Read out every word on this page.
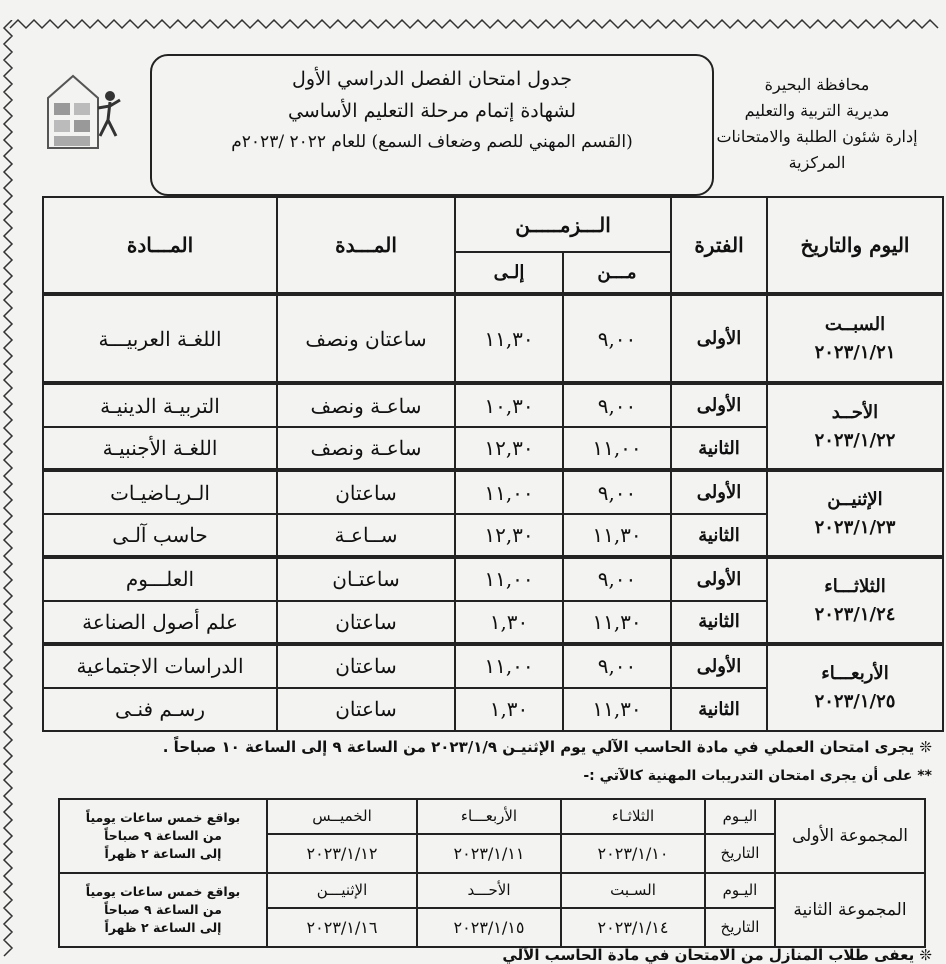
محافظة البحيرة
مديرية التربية والتعليم
إدارة شئون الطلبة والامتحانات
المركزية
جدول امتحان الفصل الدراسي الأول
لشهادة إتمام مرحلة التعليم الأساسي
(القسم المهني للصم وضعاف السمع) للعام ٢٠٢٢ /٢٠٢٣م
اليوم والتاريخ	الفترة	الـــزمـــــن		المـــدة	المـــادة
		مـــن	إلـى		

السبــت
٢٠٢٣/١/٢١	الأولى	٩,٠٠	١١,٣٠	ساعتان ونصف	اللغـة العربيـــة

الأحــد
٢٠٢٣/١/٢٢	الأولى	٩,٠٠	١٠,٣٠	ساعـة ونصف	التربيـة الدينيـة
	الثانية	١١,٠٠	١٢,٣٠	ساعـة ونصف	اللغـة الأجنبيـة

الإثنيــن
٢٠٢٣/١/٢٣	الأولى	٩,٠٠	١١,٠٠	ساعتان	الـريـاضيـات
	الثانية	١١,٣٠	١٢,٣٠	ســاعـة	حاسب آلـى

الثلاثـــاء
٢٠٢٣/١/٢٤	الأولى	٩,٠٠	١١,٠٠	ساعتـان	العلـــوم
	الثانية	١١,٣٠	١,٣٠	ساعتان	علم أصول الصناعة

الأربعـــاء
٢٠٢٣/١/٢٥	الأولى	٩,٠٠	١١,٠٠	ساعتان	الدراسات الاجتماعية
	الثانية	١١,٣٠	١,٣٠	ساعتان	رسـم فنـى
❊ يجرى امتحان العملي في مادة الحاسب الآلي يوم الإثنيـن ٢٠٢٣/١/٩ من الساعة ٩ إلى الساعة ١٠ صباحاً .
** على أن يجرى امتحان التدريبات المهنية كالآتي :-
المجموعة الأولى	اليـوم	الثلاثـاء	الأربعـــاء	الخميــس	بواقع خمس ساعات يومياً
من الساعة ٩ صباحاً
إلى الساعة ٢ ظهراً

	التاريخ	٢٠٢٣/١/١٠	٢٠٢٣/١/١١	٢٠٢٣/١/١٢	
المجموعة الثانية	اليـوم	السـبت	الأحـــد	الإثنيـــن	بواقع خمس ساعات يومياً
من الساعة ٩ صباحاً
إلى الساعة ٢ ظهراً

	التاريخ	٢٠٢٣/١/١٤	٢٠٢٣/١/١٥	٢٠٢٣/١/١٦	
❊ يعفى طلاب المنازل من الامتحان في مادة الحاسب الآلي
